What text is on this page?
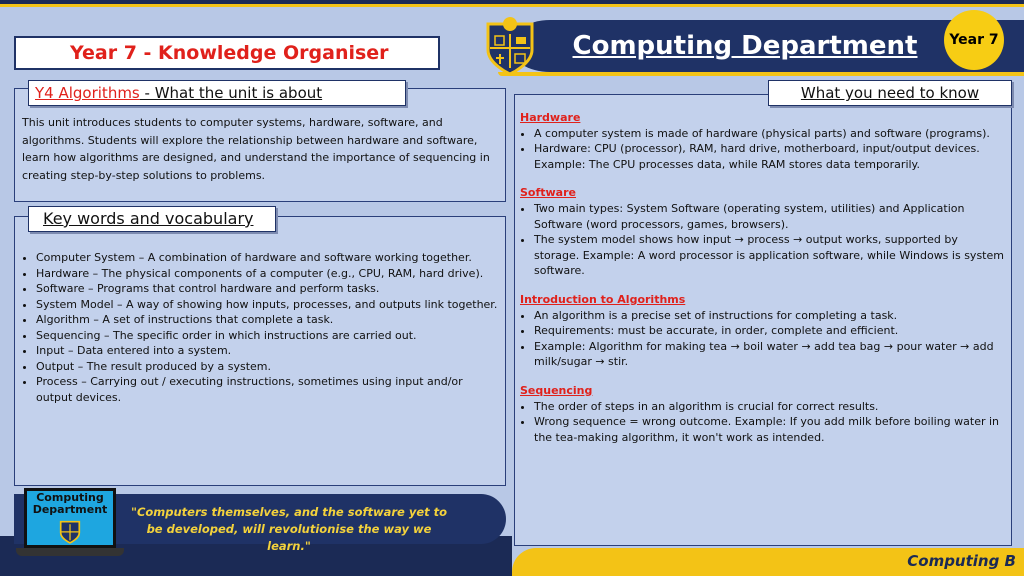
Computing Department	Year 7
Year 7 - Knowledge Organiser
Y4 Algorithms - What the unit is about
This unit introduces students to computer systems, hardware, software, and algorithms. Students will explore the relationship between hardware and software, learn how algorithms are designed, and understand the importance of sequencing in creating step-by-step solutions to problems.
Key words and vocabulary
• Computer System – A combination of hardware and software working together.
• Hardware – The physical components of a computer (e.g., CPU, RAM, hard drive).
• Software – Programs that control hardware and perform tasks.
• System Model – A way of showing how inputs, processes, and outputs link together.
• Algorithm – A set of instructions that complete a task.
• Sequencing – The specific order in which instructions are carried out.
• Input – Data entered into a system.
• Output – The result produced by a system.
• Process – Carrying out / executing instructions, sometimes using input and/or output devices.
What you need to know
Hardware
• A computer system is made of hardware (physical parts) and software (programs).
• Hardware: CPU (processor), RAM, hard drive, motherboard, input/output devices. Example: The CPU processes data, while RAM stores data temporarily.
Software
• Two main types: System Software (operating system, utilities) and Application Software (word processors, games, browsers).
• The system model shows how input → process → output works, supported by storage. Example: A word processor is application software, while Windows is system software.
Introduction to Algorithms
• An algorithm is a precise set of instructions for completing a task.
• Requirements: must be accurate, in order, complete and efficient.
• Example: Algorithm for making tea → boil water → add tea bag → pour water → add milk/sugar → stir.
Sequencing
• The order of steps in an algorithm is crucial for correct results.
• Wrong sequence = wrong outcome. Example: If you add milk before boiling water in the tea-making algorithm, it won't work as intended.
Computing
Department	"Computers themselves, and the software yet to be developed, will revolutionise the way we learn."
Computing B
